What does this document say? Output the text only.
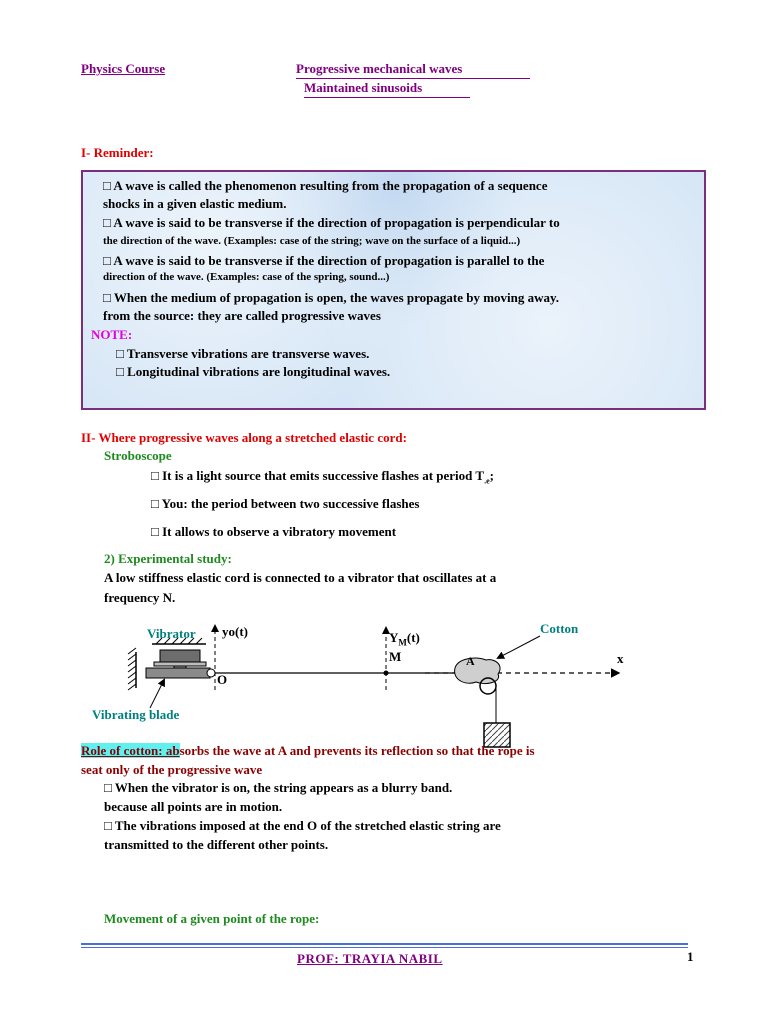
Physics Course	Progressive mechanical waves
Maintained sinusoids
I- Reminder:
□ A wave is called the phenomenon resulting from the propagation of a sequence
shocks in a given elastic medium.
□ A wave is said to be transverse if the direction of propagation is perpendicular to
the direction of the wave. (Examples: case of the string; wave on the surface of a liquid...)
□ A wave is said to be transverse if the direction of propagation is parallel to the
direction of the wave. (Examples: case of the spring, sound...)
□ When the medium of propagation is open, the waves propagate by moving away.
from the source: they are called progressive waves
NOTE:
□ Transverse vibrations are transverse waves.
□ Longitudinal vibrations are longitudinal waves.
II- Where progressive waves along a stretched elastic cord:
Stroboscope
□ It is a light source that emits successive flashes at period $T_{.e}$;
□ You: the period between two successive flashes
□ It allows to observe a vibratory movement
2) Experimental study:
A low stiffness elastic cord is connected to a vibrator that oscillates at a
frequency N.
Vibrator yo(t)	$Y_M(t)$
M	A
O
x
Cotton
Vibrating blade
Role of cotton: absorbs the wave at A and prevents its reflection so that the rope is
seat only of the progressive wave
□ When the vibrator is on, the string appears as a blurry band.
because all points are in motion.
□ The vibrations imposed at the end O of the stretched elastic string are
transmitted to the different other points.
Movement of a given point of the rope:
PROF: TRAYIA NABIL	1
